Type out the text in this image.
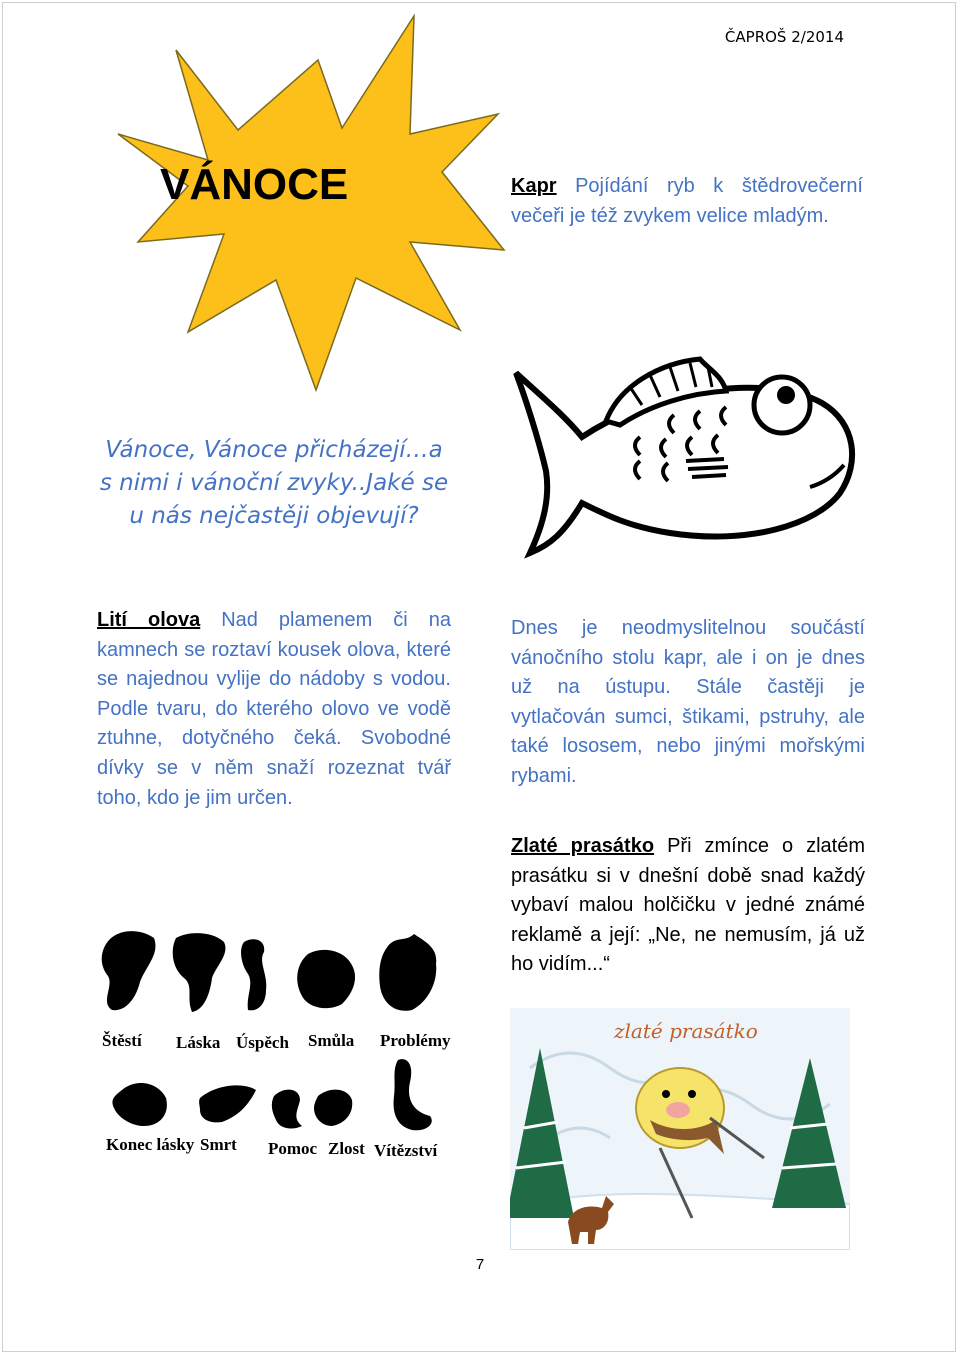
ČAPROŠ 2/2014
VÁNOCE
Vánoce, Vánoce přicházejí…a s nimi i vánoční zvyky..Jaké se u nás nejčastěji objevují?
Lití olova Nad plamenem či na kamnech se roztaví kousek olova, které se najednou vylije do nádoby s vodou. Podle tvaru, do kterého olovo ve vodě ztuhne, dotyčného čeká. Svobodné dívky se v něm snaží rozeznat tvář toho, kdo je jim určen.
Štěstí Láska Úspěch Smůla Problémy
Konec lásky Smrt Pomoc Zlost Vítězství
Kapr Pojídání ryb k štědrovečerní večeři je též zvykem velice mladým.
Dnes je neodmyslitelnou součástí vánočního stolu kapr, ale i on je dnes už na ústupu. Stále častěji je vytlačován sumci, štikami, pstruhy, ale také lososem, nebo jinými mořskými rybami.
Zlaté prasátko Při zmínce o zlatém prasátku si v dnešní době snad každý vybaví malou holčičku v jedné známé reklamě a její: „Ne, ne nemusím, já už ho vidím...“
zlaté prasátko
7
